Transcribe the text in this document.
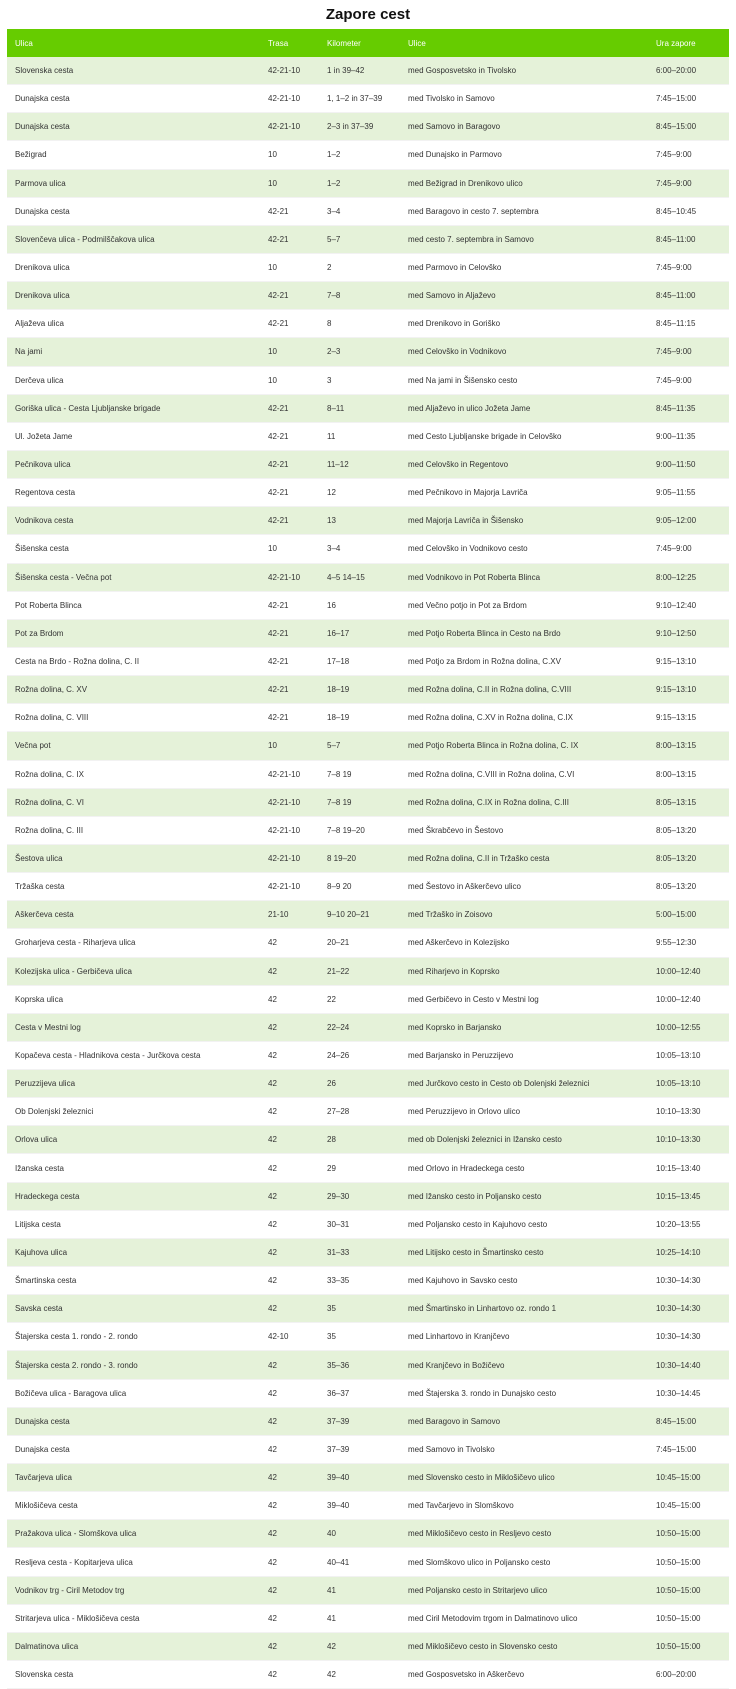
Zapore cest
Ulica	Trasa	Kilometer	Ulice	Ura zapore
Slovenska cesta	42-21-10	1 in 39–42	med Gosposvetsko in Tivolsko	6:00–20:00
Dunajska cesta	42-21-10	1, 1–2 in 37–39	med Tivolsko in Samovo	7:45–15:00
Dunajska cesta	42-21-10	2–3 in 37–39	med Samovo in Baragovo	8:45–15:00
Bežigrad	10	1–2	med Dunajsko in Parmovo	7:45–9:00
Parmova ulica	10	1–2	med Bežigrad in Drenikovo ulico	7:45–9:00
Dunajska cesta	42-21	3–4	med Baragovo in cesto 7. septembra	8:45–10:45
Slovenčeva ulica - Podmilščakova ulica	42-21	5–7	med cesto 7. septembra in Samovo	8:45–11:00
Drenikova ulica	10	2	med Parmovo in Celovško	7:45–9:00
Drenikova ulica	42-21	7–8	med Samovo in Aljaževo	8:45–11:00
Aljaževa ulica	42-21	8	med Drenikovo in Goriško	8:45–11:15
Na jami	10	2–3	med Celovško in Vodnikovo	7:45–9:00
Derčeva ulica	10	3	med Na jami in Šišensko cesto	7:45–9:00
Goriška ulica - Cesta Ljubljanske brigade	42-21	8–11	med Aljaževo in ulico Jožeta Jame	8:45–11:35
Ul. Jožeta Jame	42-21	11	med Cesto Ljubljanske brigade in Celovško	9:00–11:35
Pečnikova ulica	42-21	11–12	med Celovško in Regentovo	9:00–11:50
Regentova cesta	42-21	12	med Pečnikovo in Majorja Lavriča	9:05–11:55
Vodnikova cesta	42-21	13	med Majorja Lavriča in Šišensko	9:05–12:00
Šišenska cesta	10	3–4	med Celovško in Vodnikovo cesto	7:45–9:00
Šišenska cesta - Večna pot	42-21-10	4–5 14–15	med Vodnikovo in Pot Roberta Blinca	8:00–12:25
Pot Roberta Blinca	42-21	16	med Večno potjo in Pot za Brdom	9:10–12:40
Pot za Brdom	42-21	16–17	med Potjo Roberta Blinca in Cesto na Brdo	9:10–12:50
Cesta na Brdo - Rožna dolina, C. II	42-21	17–18	med Potjo za Brdom in Rožna dolina, C.XV	9:15–13:10
Rožna dolina, C. XV	42-21	18–19	med Rožna dolina, C.II in Rožna dolina, C.VIII	9:15–13:10
Rožna dolina, C. VIII	42-21	18–19	med Rožna dolina, C.XV in Rožna dolina, C.IX	9:15–13:15
Večna pot	10	5–7	med Potjo Roberta Blinca in Rožna dolina, C. IX	8:00–13:15
Rožna dolina, C. IX	42-21-10	7–8 19	med Rožna dolina, C.VIII in Rožna dolina, C.VI	8:00–13:15
Rožna dolina, C. VI	42-21-10	7–8 19	med Rožna dolina, C.IX in Rožna dolina, C.III	8:05–13:15
Rožna dolina, C. III	42-21-10	7–8 19–20	med Škrabčevo in Šestovo	8:05–13:20
Šestova ulica	42-21-10	8 19–20	med Rožna dolina, C.II in Tržaško cesta	8:05–13:20
Tržaška cesta	42-21-10	8–9 20	med Šestovo in Aškerčevo ulico	8:05–13:20
Aškerčeva cesta	21-10	9–10 20–21	med Tržaško in Zoisovo	5:00–15:00
Groharjeva cesta - Riharjeva ulica	42	20–21	med Aškerčevo in Kolezijsko	9:55–12:30
Kolezijska ulica - Gerbičeva ulica	42	21–22	med Riharjevo in Koprsko	10:00–12:40
Koprska ulica	42	22	med Gerbičevo in Cesto v Mestni log	10:00–12:40
Cesta v Mestni log	42	22–24	med Koprsko in Barjansko	10:00–12:55
Kopačeva cesta - Hladnikova cesta - Jurčkova cesta	42	24–26	med Barjansko in Peruzzijevo	10:05–13:10
Peruzzijeva ulica	42	26	med Jurčkovo cesto in Cesto ob Dolenjski železnici	10:05–13:10
Ob Dolenjski železnici	42	27–28	med Peruzzijevo in Orlovo ulico	10:10–13:30
Orlova ulica	42	28	med ob Dolenjski železnici in Ižansko cesto	10:10–13:30
Ižanska cesta	42	29	med Orlovo in Hradeckega cesto	10:15–13:40
Hradeckega cesta	42	29–30	med Ižansko cesto in Poljansko cesto	10:15–13:45
Litijska cesta	42	30–31	med Poljansko cesto in Kajuhovo cesto	10:20–13:55
Kajuhova ulica	42	31–33	med Litijsko cesto in Šmartinsko cesto	10:25–14:10
Šmartinska cesta	42	33–35	med Kajuhovo in Savsko cesto	10:30–14:30
Savska cesta	42	35	med Šmartinsko in Linhartovo oz. rondo 1	10:30–14:30
Štajerska cesta 1. rondo - 2. rondo	42-10	35	med Linhartovo in Kranjčevo	10:30–14:30
Štajerska cesta 2. rondo - 3. rondo	42	35–36	med Kranjčevo in Božičevo	10:30–14:40
Božičeva ulica - Baragova ulica	42	36–37	med Štajerska 3. rondo in Dunajsko cesto	10:30–14:45
Dunajska cesta	42	37–39	med Baragovo in Samovo	8:45–15:00
Dunajska cesta	42	37–39	med Samovo in Tivolsko	7:45–15:00
Tavčarjeva ulica	42	39–40	med Slovensko cesto in Miklošičevo ulico	10:45–15:00
Miklošičeva cesta	42	39–40	med Tavčarjevo in Slomškovo	10:45–15:00
Pražakova ulica - Slomškova ulica	42	40	med Miklošičevo cesto in Resljevo cesto	10:50–15:00
Resljeva cesta - Kopitarjeva ulica	42	40–41	med Slomškovo ulico in Poljansko cesto	10:50–15:00
Vodnikov trg - Ciril Metodov trg	42	41	med Poljansko cesto in Stritarjevo ulico	10:50–15:00
Stritarjeva ulica - Miklošičeva cesta	42	41	med Ciril Metodovim trgom in Dalmatinovo ulico	10:50–15:00
Dalmatinova ulica	42	42	med Miklošičevo cesto in Slovensko cesto	10:50–15:00
Slovenska cesta	42	42	med Gosposvetsko in Aškerčevo	6:00–20:00
